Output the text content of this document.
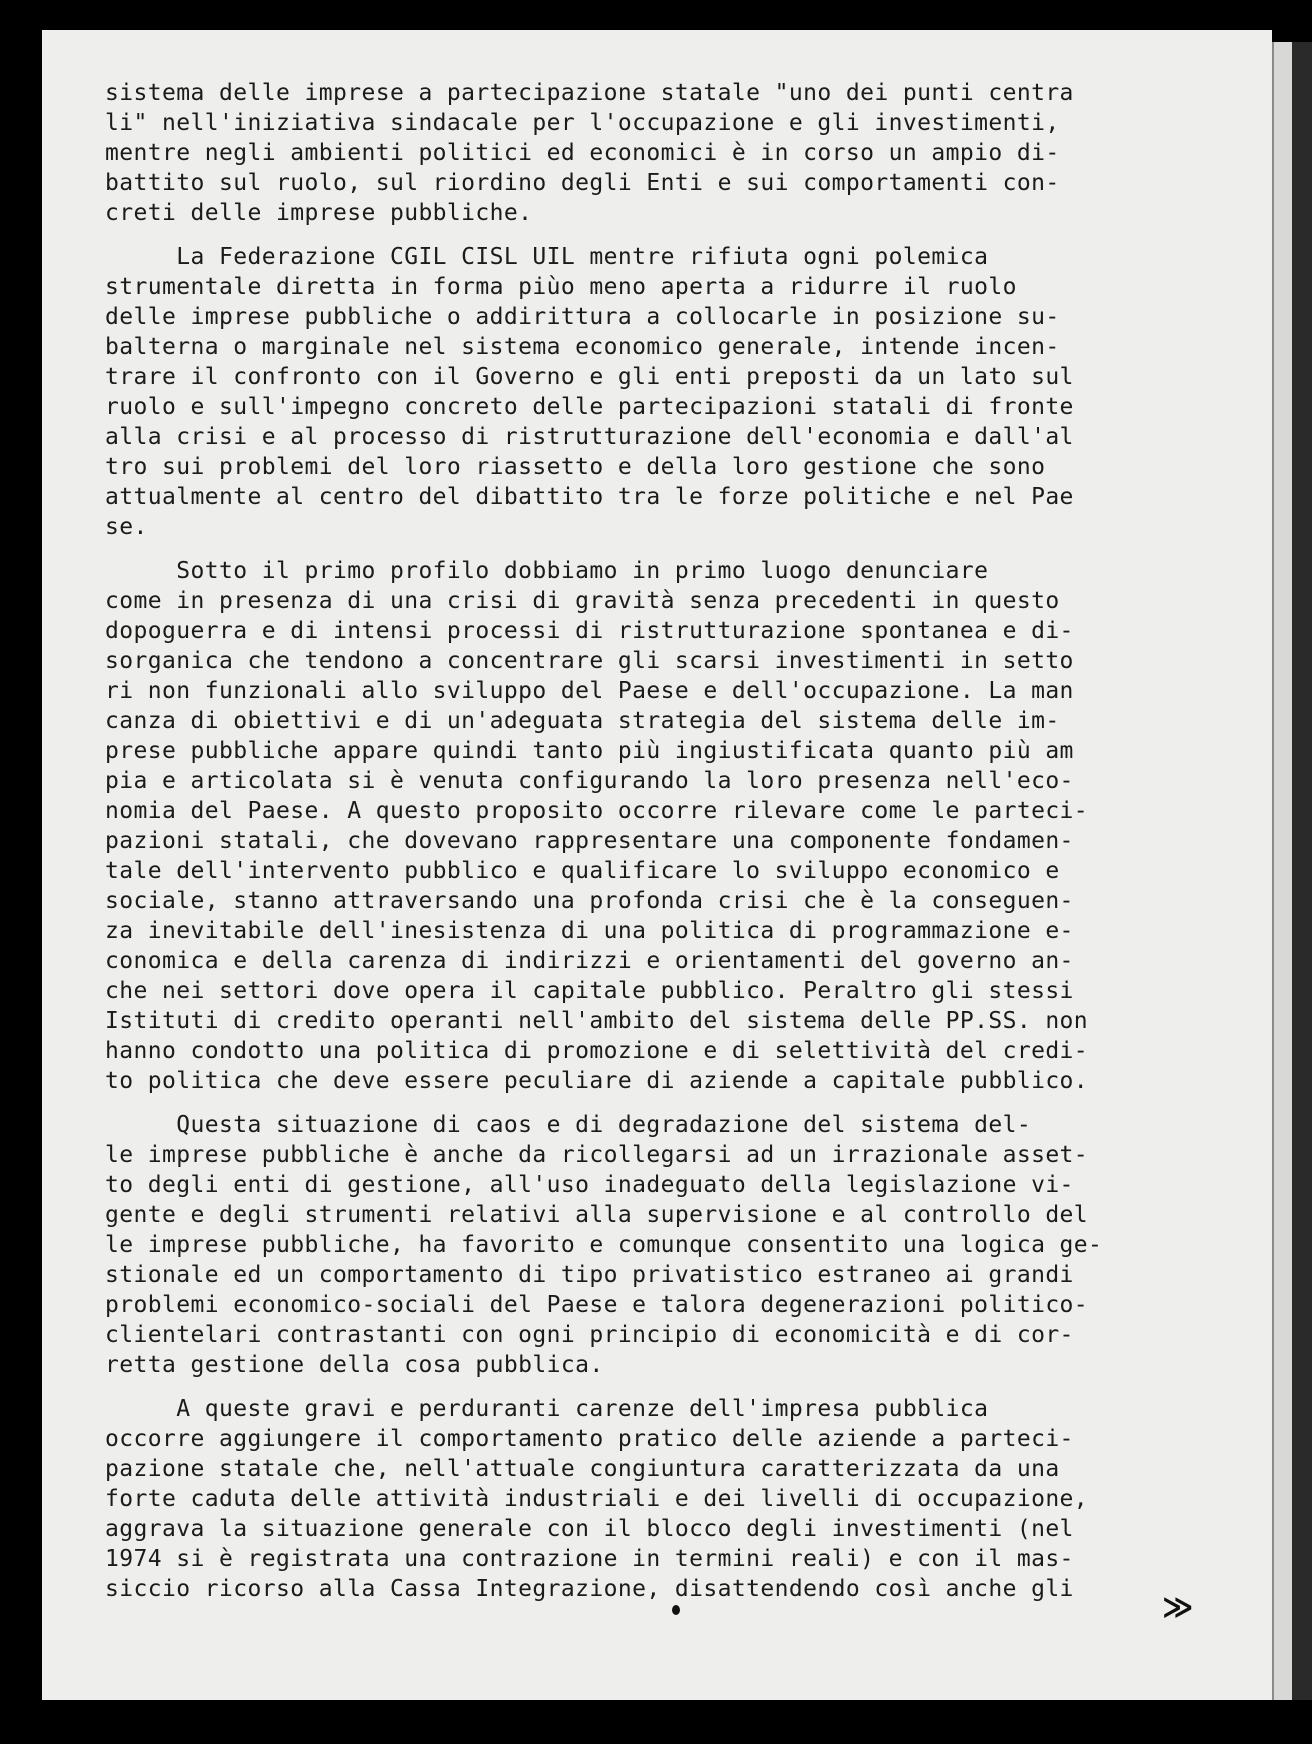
sistema delle imprese a partecipazione statale "uno dei punti centra
li" nell'iniziativa sindacale per l'occupazione e gli investimenti,
mentre negli ambienti politici ed economici è in corso un ampio di-
battito sul ruolo, sul riordino degli Enti e sui comportamenti con-
creti delle imprese pubbliche.
La Federazione CGIL CISL UIL mentre rifiuta ogni polemica
strumentale diretta in forma piùo meno aperta a ridurre il ruolo
delle imprese pubbliche o addirittura a collocarle in posizione su-
balterna o marginale nel sistema economico generale, intende incen-
trare il confronto con il Governo e gli enti preposti da un lato sul
ruolo e sull'impegno concreto delle partecipazioni statali di fronte
alla crisi e al processo di ristrutturazione dell'economia e dall'al
tro sui problemi del loro riassetto e della loro gestione che sono
attualmente al centro del dibattito tra le forze politiche e nel Pae
se.
Sotto il primo profilo dobbiamo in primo luogo denunciare
come in presenza di una crisi di gravità senza precedenti in questo
dopoguerra e di intensi processi di ristrutturazione spontanea e di-
sorganica che tendono a concentrare gli scarsi investimenti in setto
ri non funzionali allo sviluppo del Paese e dell'occupazione. La man
canza di obiettivi e di un'adeguata strategia del sistema delle im-
prese pubbliche appare quindi tanto più ingiustificata quanto più am
pia e articolata si è venuta configurando la loro presenza nell'eco-
nomia del Paese. A questo proposito occorre rilevare come le parteci-
pazioni statali, che dovevano rappresentare una componente fondamen-
tale dell'intervento pubblico e qualificare lo sviluppo economico e
sociale, stanno attraversando una profonda crisi che è la conseguen-
za inevitabile dell'inesistenza di una politica di programmazione e-
conomica e della carenza di indirizzi e orientamenti del governo an-
che nei settori dove opera il capitale pubblico. Peraltro gli stessi
Istituti di credito operanti nell'ambito del sistema delle PP.SS. non
hanno condotto una politica di promozione e di selettività del credi-
to politica che deve essere peculiare di aziende a capitale pubblico.
Questa situazione di caos e di degradazione del sistema del-
le imprese pubbliche è anche da ricollegarsi ad un irrazionale asset-
to degli enti di gestione, all'uso inadeguato della legislazione vi-
gente e degli strumenti relativi alla supervisione e al controllo del
le imprese pubbliche, ha favorito e comunque consentito una logica ge-
stionale ed un comportamento di tipo privatistico estraneo ai grandi
problemi economico-sociali del Paese e talora degenerazioni politico-
clientelari contrastanti con ogni principio di economicità e di cor-
retta gestione della cosa pubblica.
A queste gravi e perduranti carenze dell'impresa pubblica
occorre aggiungere il comportamento pratico delle aziende a parteci-
pazione statale che, nell'attuale congiuntura caratterizzata da una
forte caduta delle attività industriali e dei livelli di occupazione,
aggrava la situazione generale con il blocco degli investimenti (nel
1974 si è registrata una contrazione in termini reali) e con il mas-
siccio ricorso alla Cassa Integrazione, disattendendo così anche gli
≫
